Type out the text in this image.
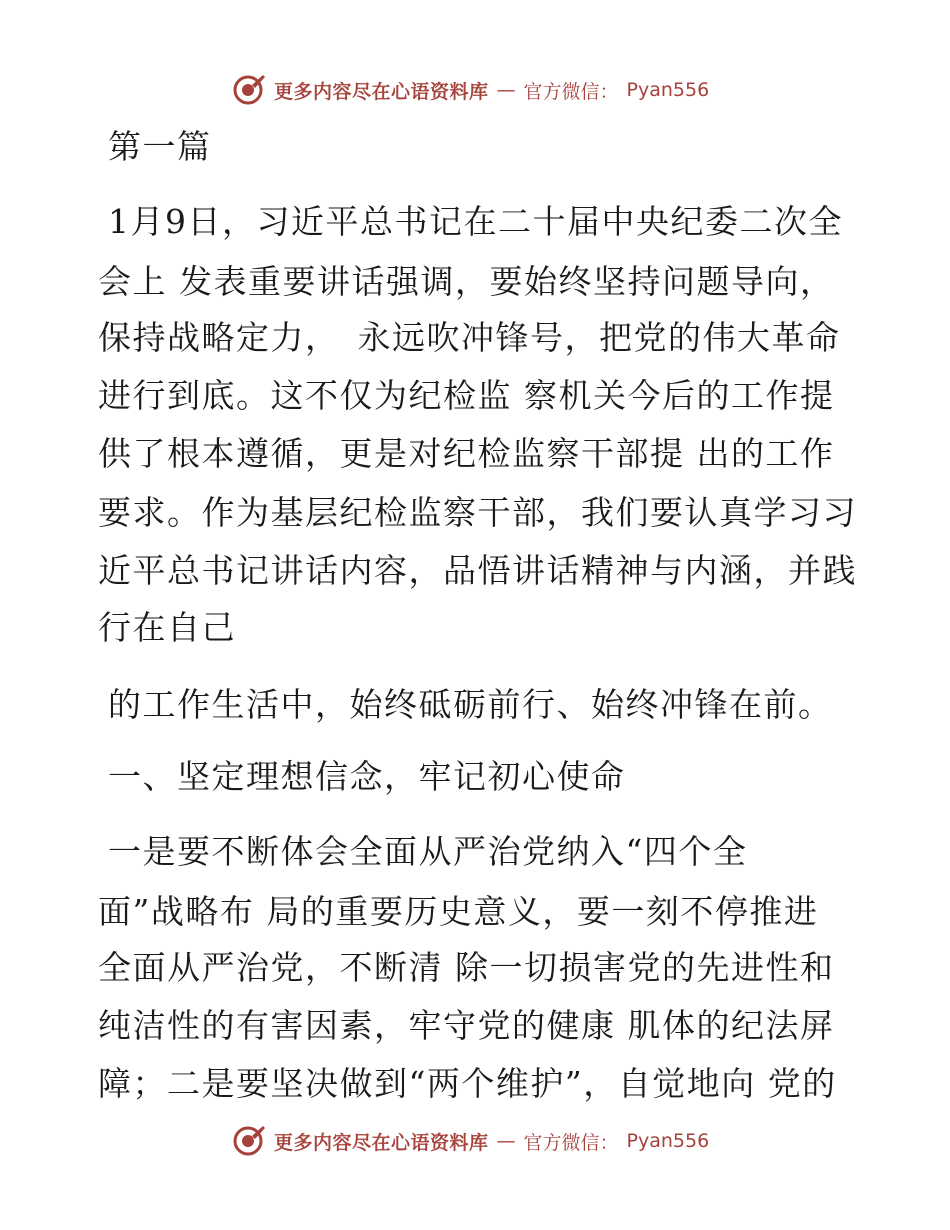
更多内容尽在心语资料库 — 官方微信： Pyan556
第一篇
1月9日，习近平总书记在二十届中央纪委二次全
会上 发表重要讲话强调，要始终坚持问题导向，
保持战略定力，　永远吹冲锋号，把党的伟大革命
进行到底。这不仅为纪检监 察机关今后的工作提
供了根本遵循，更是对纪检监察干部提 出的工作
要求。作为基层纪检监察干部，我们要认真学习习
近平总书记讲话内容，品悟讲话精神与内涵，并践
行在自己
的工作生活中，始终砥砺前行、始终冲锋在前。
一、坚定理想信念，牢记初心使命
一是要不断体会全面从严治党纳入“四个全
面”战略布 局的重要历史意义，要一刻不停推进
全面从严治党，不断清 除一切损害党的先进性和
纯洁性的有害因素，牢守党的健康 肌体的纪法屏
障；二是要坚决做到“两个维护”，自觉地向 党的
更多内容尽在心语资料库 — 官方微信： Pyan556
